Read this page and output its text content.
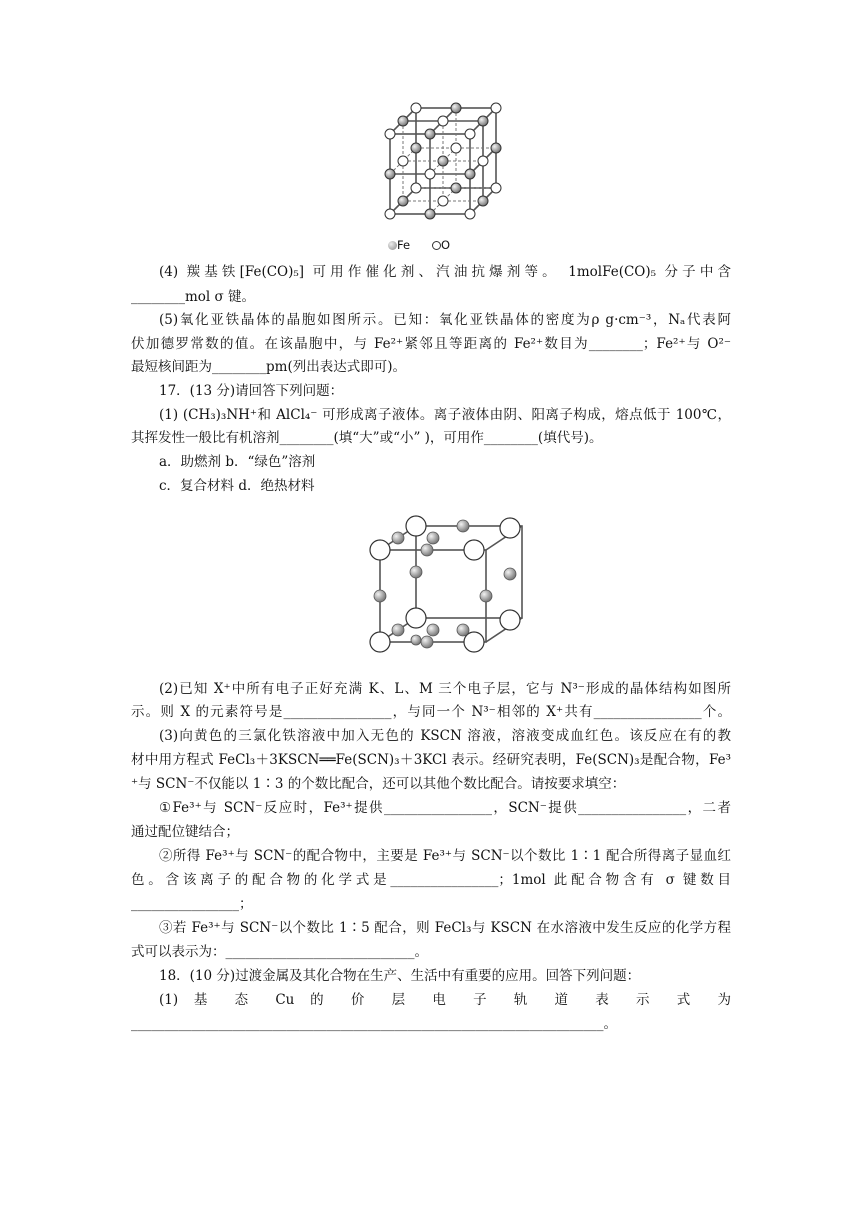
Fe	O
(4) 羰基铁[Fe(CO)₅] 可用作催化剂、汽油抗爆剂等。 1molFe(CO)₅ 分子中含
________mol σ 键。
(5)氧化亚铁晶体的晶胞如图所示。已知：氧化亚铁晶体的密度为ρ g·cm⁻³，Nₐ代表阿
伏加德罗常数的值。在该晶胞中，与 Fe²⁺紧邻且等距离的 Fe²⁺数目为________；Fe²⁺与 O²⁻
最短核间距为________pm(列出表达式即可)。
17．(13 分)请回答下列问题：
(1) (CH₃)₃NH⁺和 AlCl₄⁻ 可形成离子液体。离子液体由阴、阳离子构成，熔点低于 100℃，
其挥发性一般比有机溶剂________(填“大”或“小” )，可用作________(填代号)。
a．助燃剂 b．“绿色”溶剂
c．复合材料 d．绝热材料
(2)已知 X⁺中所有电子正好充满 K、L、M 三个电子层，它与 N³⁻形成的晶体结构如图所
示。则 X 的元素符号是________________，与同一个 N³⁻相邻的 X⁺共有________________个。
(3)向黄色的三氯化铁溶液中加入无色的 KSCN 溶液，溶液变成血红色。该反应在有的教
材中用方程式 FeCl₃＋3KSCN══Fe(SCN)₃＋3KCl 表示。经研究表明，Fe(SCN)₃是配合物，Fe³
⁺与 SCN⁻不仅能以 1∶3 的个数比配合，还可以其他个数比配合。请按要求填空：
①Fe³⁺与 SCN⁻反应时，Fe³⁺提供________________，SCN⁻提供________________，二者
通过配位键结合；
②所得 Fe³⁺与 SCN⁻的配合物中，主要是 Fe³⁺与 SCN⁻以个数比 1∶1 配合所得离子显血红
色。含该离子的配合物的化学式是________________；1mol 此配合物含有 σ 键数目
________________；
③若 Fe³⁺与 SCN⁻以个数比 1∶5 配合，则 FeCl₃与 KSCN 在水溶液中发生反应的化学方程
式可以表示为：____________________________。
18．(10 分)过渡金属及其化合物在生产、生活中有重要的应用。回答下列问题：
(1) 基 态 Cu 的 价 层 电 子 轨 道 表 示 式 为
______________________________________________________________________。
